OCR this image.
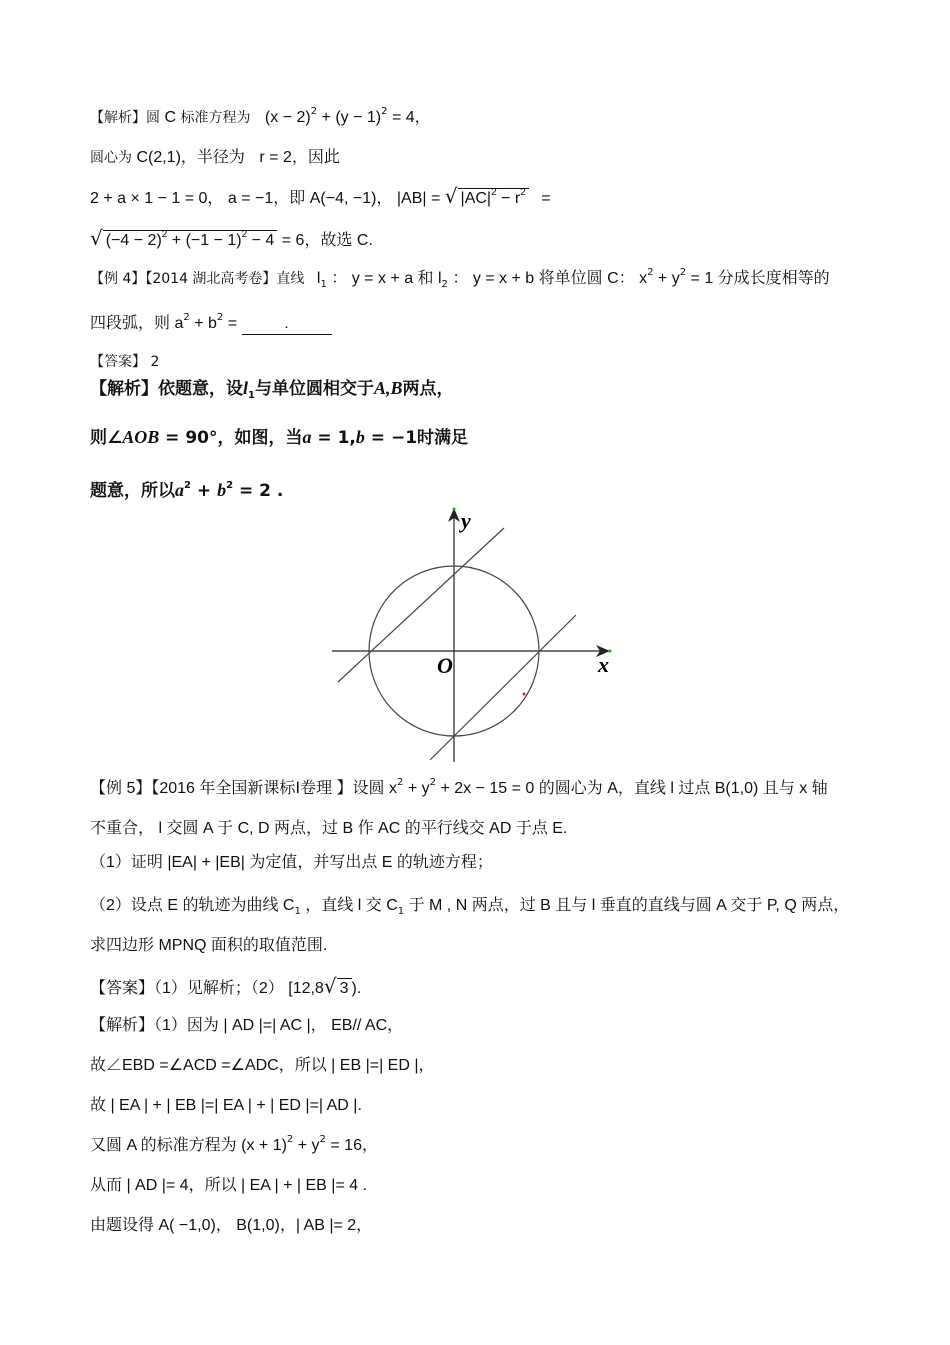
【解析】圆 C 标准方程为 $(x - 2)^2 + (y - 1)^2 = 4$，
圆心为 C(2,1)，半径为 r = 2，因此
2 + a × 1 − 1 = 0， a = −1，即 A(−4, −1)， |AB| = √ $|AC|^2 - r^2$ =
√ $(-4 - 2)^2 + (-1 - 1)^2 - 4 = 6$，故选 C.
【例 4】【2014 湖北高考卷】直线 $l_1$ ： y = x + a 和 $l_2$ ： y = x + b 将单位圆 C： $x^2 + y^2 = 1$ 分成长度相等的
四段弧，则 $a^2 + b^2$ =	.
【答案】 2
【解析】依题意，设$l_1$与单位圆相交于A,B两点，
则∠AOB = 90°，如图，当a = 1,b = −1时满足
题意，所以$a^2 + b^2 = 2$ .
y
x
O
【例 5】【2016 年全国新课标Ⅰ卷理 】设圆 $x^2 + y^2 + 2x - 15 = 0$ 的圆心为 A，直线 l 过点 B(1,0) 且与 x 轴
不重合， l 交圆 A 于 C, D 两点，过 B 作 AC 的平行线交 AD 于点 E.
（1）证明 |EA| + |EB| 为定值，并写出点 E 的轨迹方程；
（2）设点 E 的轨迹为曲线 $C_1$ ，直线 l 交 $C_1$ 于 M , N 两点，过 B 且与 l 垂直的直线与圆 A 交于 P, Q 两点，
求四边形 MPNQ 面积的取值范围.
【答案】（1）见解析；（2） [12,8√ 3 ).
【解析】（1）因为 | AD |=| AC |， EB// AC，
故∠EBD =∠ACD =∠ADC，所以 | EB |=| ED |，
故 | EA | + | EB |=| EA | + | ED |=| AD |.
又圆 A 的标准方程为 $(x + 1)^2 + y^2 = 16$，
从而 | AD |= 4，所以 | EA | + | EB |= 4 .
由题设得 A( −1,0)， B(1,0)，| AB |= 2，
